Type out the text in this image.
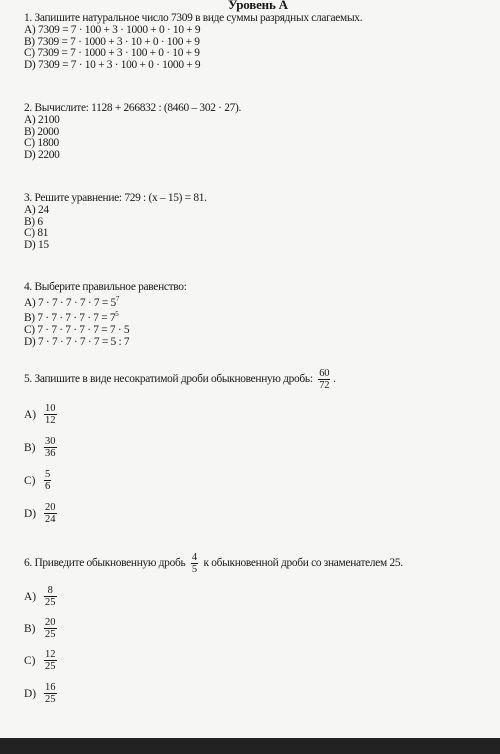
Уровень А
1. Запишите натуральное число 7309 в виде суммы разрядных слагаемых.
A) 7309 = 7 · 100 + 3 · 1000 + 0 · 10 + 9
B) 7309 = 7 · 1000 + 3 · 10 + 0 · 100 + 9
C) 7309 = 7 · 1000 + 3 · 100 + 0 · 10 + 9
D) 7309 = 7 · 10 + 3 · 100 + 0 · 1000 + 9
2. Вычислите: 1128 + 266832 : (8460 – 302 · 27).
A) 2100
B) 2000
C) 1800
D) 2200
3. Решите уравнение: 729 : (x – 15) = 81.
A) 24
B) 6
C) 81
D) 15
4. Выберите правильное равенство:
A) $7 \cdot 7 \cdot 7 \cdot 7 \cdot 7 = 5^7$
B) $7 \cdot 7 \cdot 7 \cdot 7 \cdot 7 = 7^5$
C) 7 · 7 · 7 · 7 · 7 = 7 · 5
D) 7 · 7 · 7 · 7 · 7 = 5 : 7
5. Запишите в виде несократимой дроби обыкновенную дробь: $\frac{60}{72}$ .
$A) \frac{10}{12}$
$B) \frac{30}{36}$
$C) \frac{5}{6}$
$D) \frac{20}{24}$
6. Приведите обыкновенную дробь $\frac{4}{5}$ к обыкновенной дроби со знаменателем 25.
$A) \frac{8}{25}$
$B) \frac{20}{25}$
$C) \frac{12}{25}$
$D) \frac{16}{25}$
